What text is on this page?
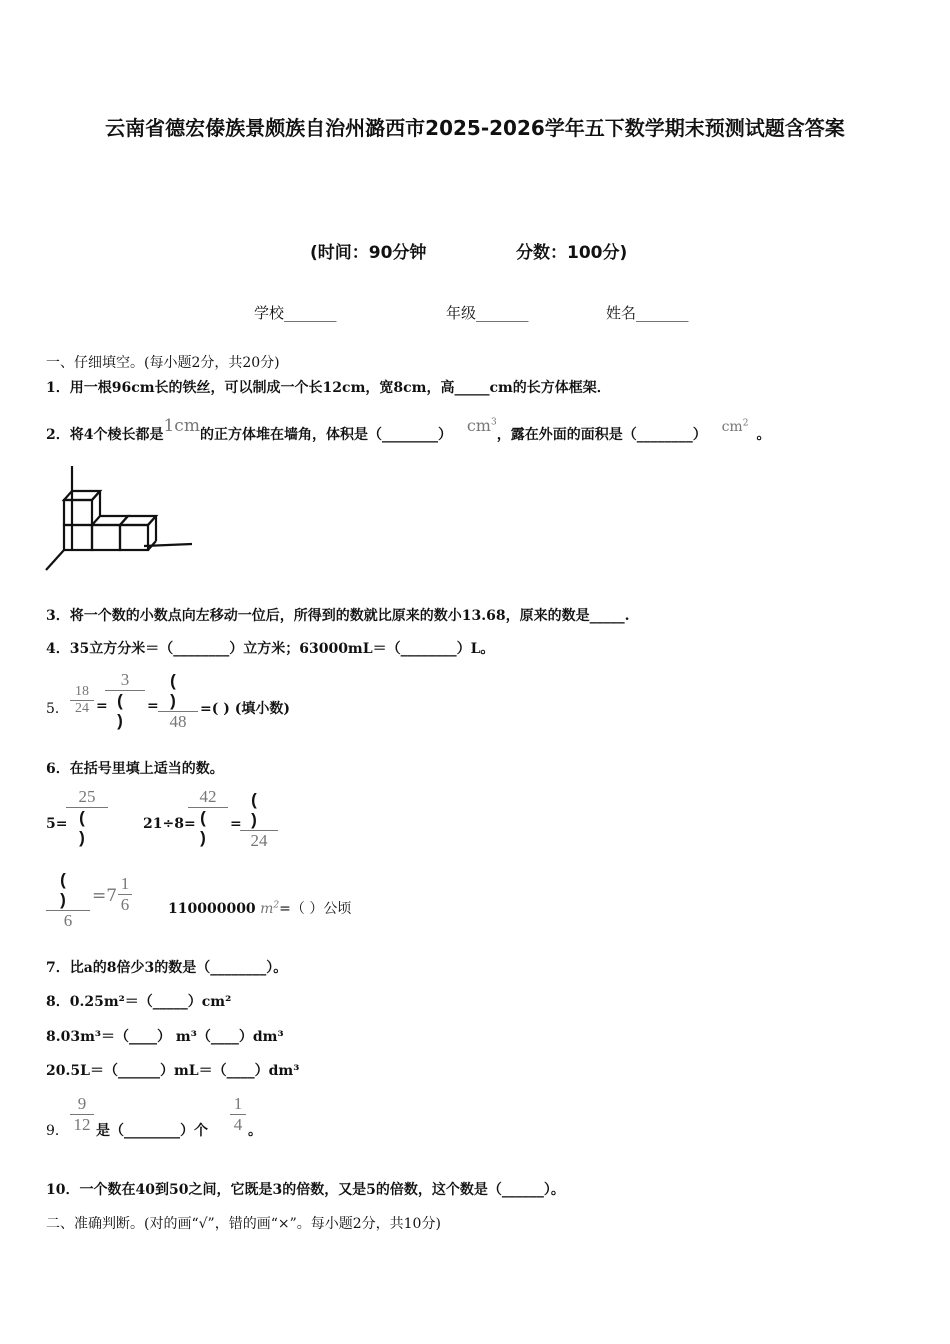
云南省德宏傣族景颇族自治州潞西市2025-2026学年五下数学期末预测试题含答案
(时间：90分钟	分数：100分)
学校_______	年级_______	姓名_______
一、仔细填空。(每小题2分，共20分)
1．用一根96cm长的铁丝，可以制成一个长12cm，宽8cm，高_____cm的长方体框架．
2．将4个棱长都是1cm的正方体堆在墙角，体积是（________） $cm^3$，露在外面的面积是（________） $cm^2$。
3．将一个数的小数点向左移动一位后，所得到的数就比原来的数小13.68，原来的数是_____.
4．35立方分米＝（________）立方米；63000mL＝（________）L。
5． $\frac{18}{24}$ =
3
( )
=
( )
48
=( ) (填小数)
6．在括号里填上适当的数。
5=
25
( )
21÷8=
42
( )
=
( )
24
( )
6
$=7 \frac{1}{6}$	110000000 $m^2=$（ ）公顷
7．比a的8倍少3的数是（________）。
8．0.25m²＝（_____）cm²
8.03m³＝（____） m³（____）dm³
20.5L＝（______）mL＝（____）dm³
9． $\frac{9}{12}$ 是（________）个 $\frac{1}{4}$ 。
10．一个数在40到50之间，它既是3的倍数，又是5的倍数，这个数是（______）。
二、准确判断。(对的画“√”，错的画“×”。每小题2分，共10分)
